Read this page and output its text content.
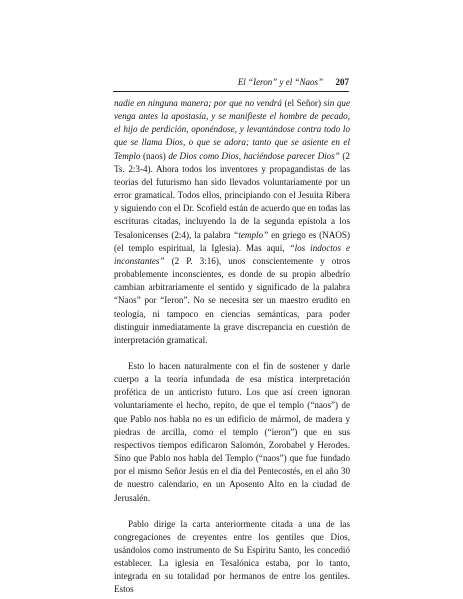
El “Ieron” y el “Naos” 207

nadie en ninguna manera; por que no vendrá (el Señor) sin que venga antes la apostasía, y se manifieste el hombre de pecado, el hijo de perdición, oponéndose, y levantándose contra todo lo que se llama Dios, o que se adora; tanto que se asiente en el Templo (naos) de Dios como Dios, haciéndose parecer Dios” (2 Ts. 2:3-4). Ahora todos los inventores y propagandistas de las teorías del futurismo han sido llevados voluntariamente por un error gramatical. Todos ellos, principiando con el Jesuita Ribera y siguiendo con el Dr. Scofield están de acuerdo que en todas las escrituras citadas, incluyendo la de la segunda epístola a los Tesalonicenses (2:4), la palabra “templo” en griego es (NAOS) (el templo espiritual, la Iglesia). Mas aquí, “los indoctos e inconstantes” (2 P. 3:16), unos conscientemente y otros probablemente inconscientes, es donde de su propio albedrío cambian arbitrariamente el sentido y significado de la palabra “Naos” por “Ieron”. No se necesita ser un maestro erudito en teología, ni tampoco en ciencias semánticas, para poder distinguir inmediatamente la grave discrepancia en cuestión de interpretación gramatical.

Esto lo hacen naturalmente con el fin de sostener y darle cuerpo a la teoría infundada de esa mística interpretación profética de un anticristo futuro. Los que así creen ignoran voluntariamente el hecho, repito, de que el templo (“naos”) de que Pablo nos habla no es un edificio de mármol, de madera y piedras de arcilla, como el templo (“ieron”) que en sus respectivos tiempos edificaron Salomón, Zorobabel y Herodes. Sino que Pablo nos habla del Templo (“naos”) que fue fundado por el mismo Señor Jesús en el día del Pentecostés, en el año 30 de nuestro calendario, en un Aposento Alto en la ciudad de Jerusalén.

Pablo dirige la carta anteriormente citada a una de las congregaciones de creyentes entre los gentiles que Dios, usándolos como instrumento de Su Espíritu Santo, les concedió establecer. La iglesia en Tesalónica estaba, por lo tanto, integrada en su totalidad por hermanos de entre los gentiles. Estos
